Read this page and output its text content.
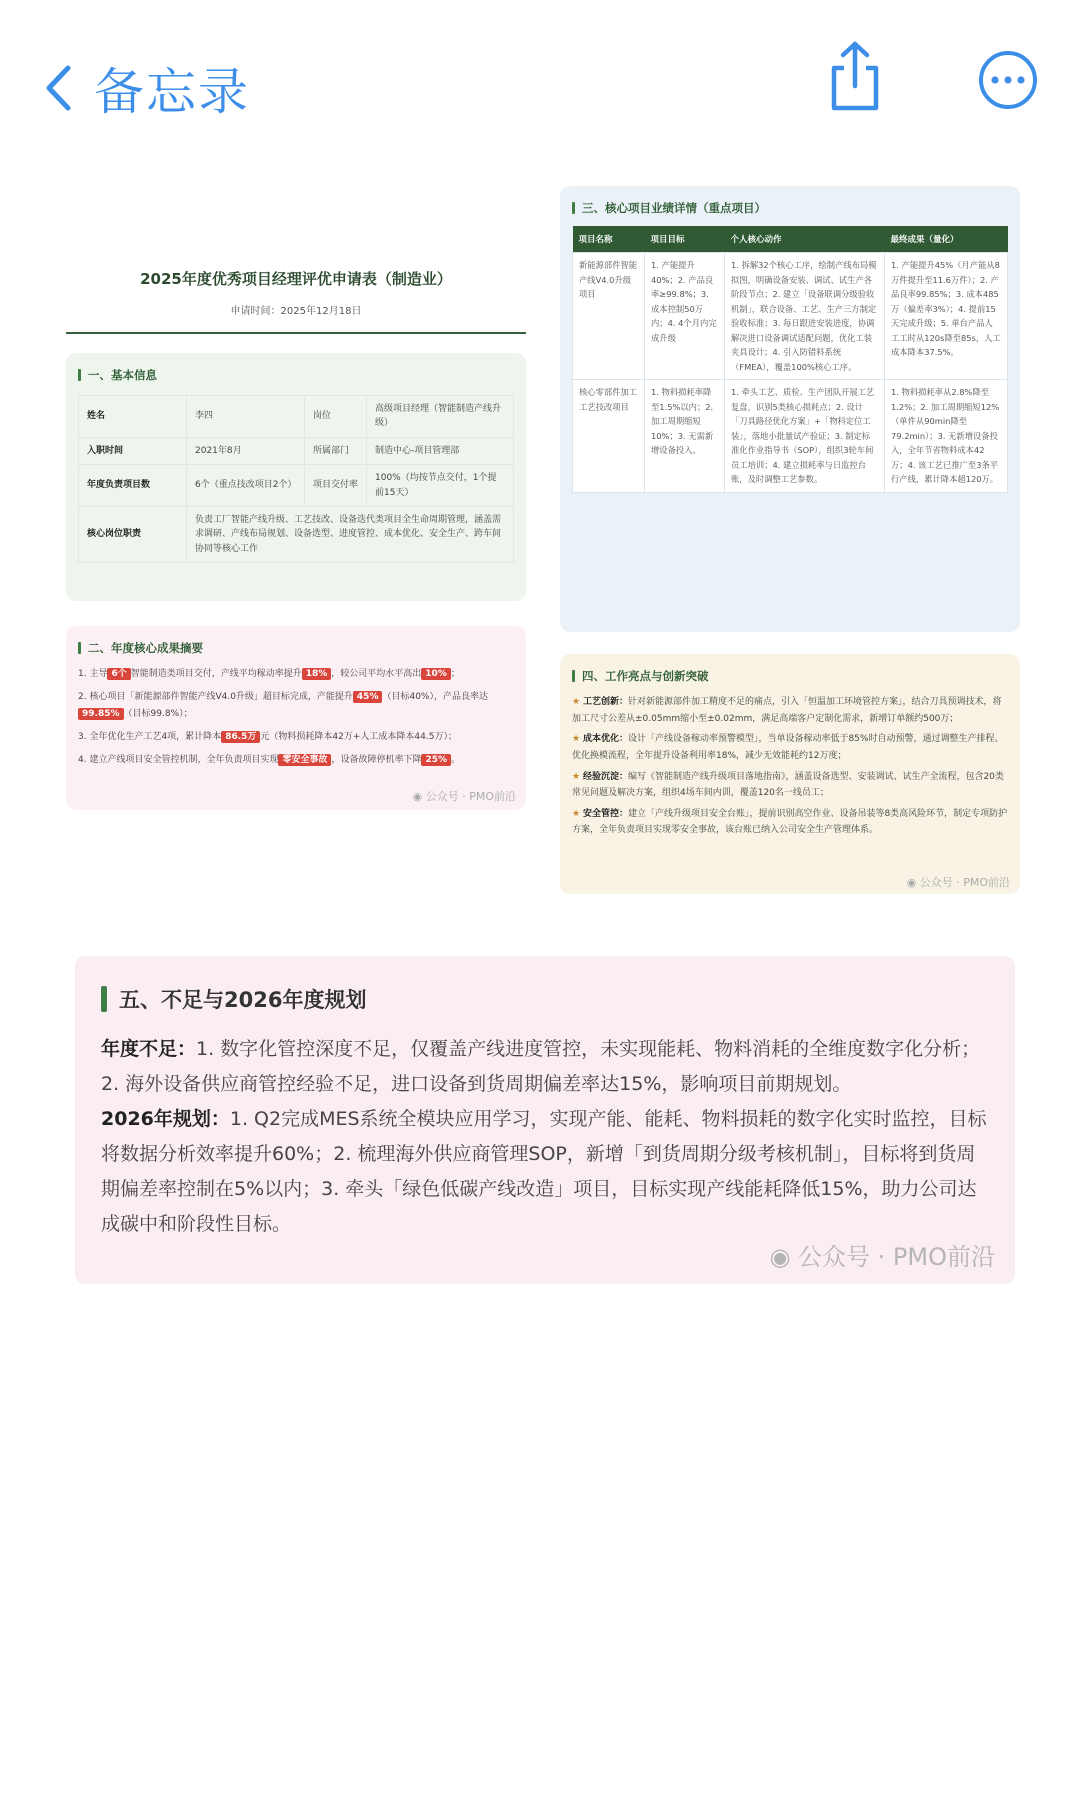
备忘录
2025年度优秀项目经理评优申请表（制造业）
申请时间：2025年12月18日
一、基本信息
姓名	李四	岗位	高级项目经理（智能制造产线升级）
入职时间	2021年8月	所属部门	制造中心-项目管理部
年度负责项目数	6个（重点技改项目2个）	项目交付率	100%（均按节点交付，1个提前15天）
核心岗位职责	负责工厂智能产线升级、工艺技改、设备迭代类项目全生命周期管理，涵盖需求调研、产线布局规划、设备选型、进度管控、成本优化、安全生产、跨车间协同等核心工作		
二、年度核心成果摘要

1. 主导 6个 智能制造类项目交付，产线平均稼动率提升 18% ，较公司平均水平高出 10% ；

2. 核心项目「新能源部件智能产线V4.0升级」超目标完成，产能提升 45% （目标40%），产品良率达99.85% （目标99.8%）；

3. 全年优化生产工艺4项，累计降本 86.5万 元（物料损耗降本42万+人工成本降本44.5万）；

4. 建立产线项目安全管控机制，全年负责项目实现 零安全事故 ，设备故障停机率下降 25% 。

◉ 公众号 · PMO前沿
三、核心项目业绩详情（重点项目）
项目名称	项目目标	个人核心动作	最终成果（量化）
新能源部件智能产线V4.0升级项目	1. 产能提升40%；2. 产品良率≥99.8%；3. 成本控制50万内；4. 4个月内完成升级	1. 拆解32个核心工序，绘制产线布局模拟图，明确设备安装、调试、试生产各阶段节点；2. 建立「设备联调分级验收机制」，联合设备、工艺、生产三方制定验收标准；3. 每日跟进安装进度，协调解决进口设备调试适配问题，优化工装夹具设计；4. 引入防错料系统（FMEA），覆盖100%核心工序。	1. 产能提升45%（月产能从8万件提升至11.6万件）；2. 产品良率99.85%；3. 成本485万（偏差率3%）；4. 提前15天完成升级；5. 单台产品人工工时从120s降至85s，人工成本降本37.5%。
核心零部件加工工艺技改项目	1. 物料损耗率降至1.5%以内；2. 加工周期缩短10%；3. 无需新增设备投入。	1. 牵头工艺、质检、生产团队开展工艺复盘，识别5类核心损耗点；2. 设计「刀具路径优化方案」+「物料定位工装」，落地小批量试产验证；3. 制定标准化作业指导书（SOP），组织3轮车间员工培训；4. 建立损耗率与日监控台账，及时调整工艺参数。	1. 物料损耗率从2.8%降至1.2%；2. 加工周期缩短12%（单件从90min降至79.2min）；3. 无新增设备投入，全年节省物料成本42万；4. 该工艺已推广至3条平行产线，累计降本超120万。
四、工作亮点与创新突破
★ 工艺创新：针对新能源部件加工精度不足的痛点，引入「恒温加工环境管控方案」，结合刀具预调技术，将加工尺寸公差从±0.05mm缩小至±0.02mm，满足高端客户定制化需求，新增订单额约500万；
★ 成本优化：设计「产线设备稼动率预警模型」，当单设备稼动率低于85%时自动预警，通过调整生产排程、优化换模流程，全年提升设备利用率18%，减少无效能耗约12万度；
★ 经验沉淀：编写《智能制造产线升级项目落地指南》，涵盖设备选型、安装调试、试生产全流程，包含20类常见问题及解决方案，组织4场车间内训，覆盖120名一线员工；
★ 安全管控：建立「产线升级项目安全台账」，提前识别高空作业、设备吊装等8类高风险环节，制定专项防护方案，全年负责项目实现零安全事故，该台账已纳入公司安全生产管理体系。
◉ 公众号 · PMO前沿
五、不足与2026年度规划
年度不足：1. 数字化管控深度不足，仅覆盖产线进度管控，未实现能耗、物料消耗的全维度数字化分析；2. 海外设备供应商管控经验不足，进口设备到货周期偏差率达15%，影响项目前期规划。
2026年规划：1. Q2完成MES系统全模块应用学习，实现产能、能耗、物料损耗的数字化实时监控，目标将数据分析效率提升60%；2. 梳理海外供应商管理SOP，新增「到货周期分级考核机制」，目标将到货周期偏差率控制在5%以内；3. 牵头「绿色低碳产线改造」项目，目标实现产线能耗降低15%，助力公司达成碳中和阶段性目标。
◉ 公众号 · PMO前沿
